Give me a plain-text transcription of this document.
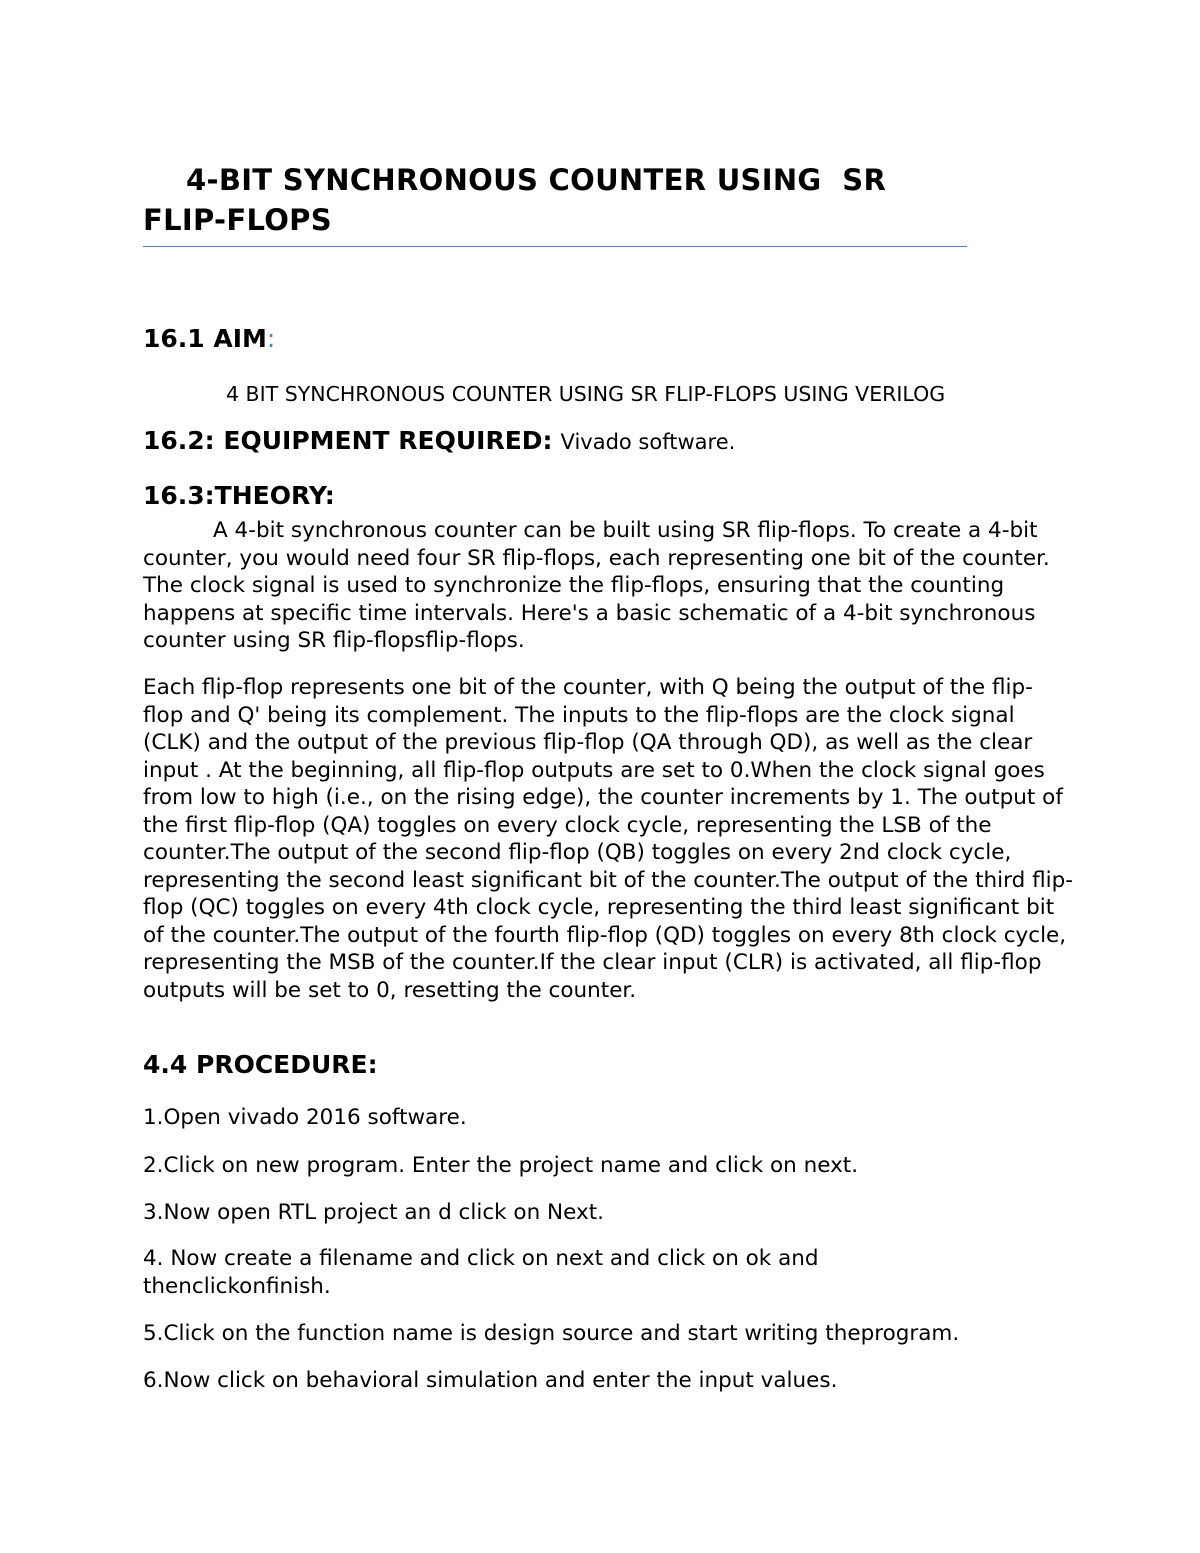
4-BIT SYNCHRONOUS COUNTER USING  SR
FLIP-FLOPS
16.1 AIM:

4 BIT SYNCHRONOUS COUNTER USING SR FLIP-FLOPS USING VERILOG

16.2: EQUIPMENT REQUIRED: Vivado software.
16.3:THEORY:

A 4-bit synchronous counter can be built using SR flip-flops. To create a 4-bit counter, you would need four SR flip-flops, each representing one bit of the counter. The clock signal is used to synchronize the flip-flops, ensuring that the counting happens at specific time intervals. Here's a basic schematic of a 4-bit synchronous counter using SR flip-flopsflip-flops.

Each flip-flop represents one bit of the counter, with Q being the output of the flip-flop and Q' being its complement. The inputs to the flip-flops are the clock signal (CLK) and the output of the previous flip-flop (QA through QD), as well as the clear input . At the beginning, all flip-flop outputs are set to 0.When the clock signal goes from low to high (i.e., on the rising edge), the counter increments by 1. The output of the first flip-flop (QA) toggles on every clock cycle, representing the LSB of the counter.The output of the second flip-flop (QB) toggles on every 2nd clock cycle, representing the second least significant bit of the counter.The output of the third flip-flop (QC) toggles on every 4th clock cycle, representing the third least significant bit of the counter.The output of the fourth flip-flop (QD) toggles on every 8th clock cycle, representing the MSB of the counter.If the clear input (CLR) is activated, all flip-flop outputs will be set to 0, resetting the counter.

4.4 PROCEDURE:

1.Open vivado 2016 software.

2.Click on new program. Enter the project name and click on next.

3.Now open RTL project an d click on Next.

4. Now create a filename and click on next and click on ok and thenclickonfinish.

5.Click on the function name is design source and start writing theprogram.

6.Now click on behavioral simulation and enter the input values.
